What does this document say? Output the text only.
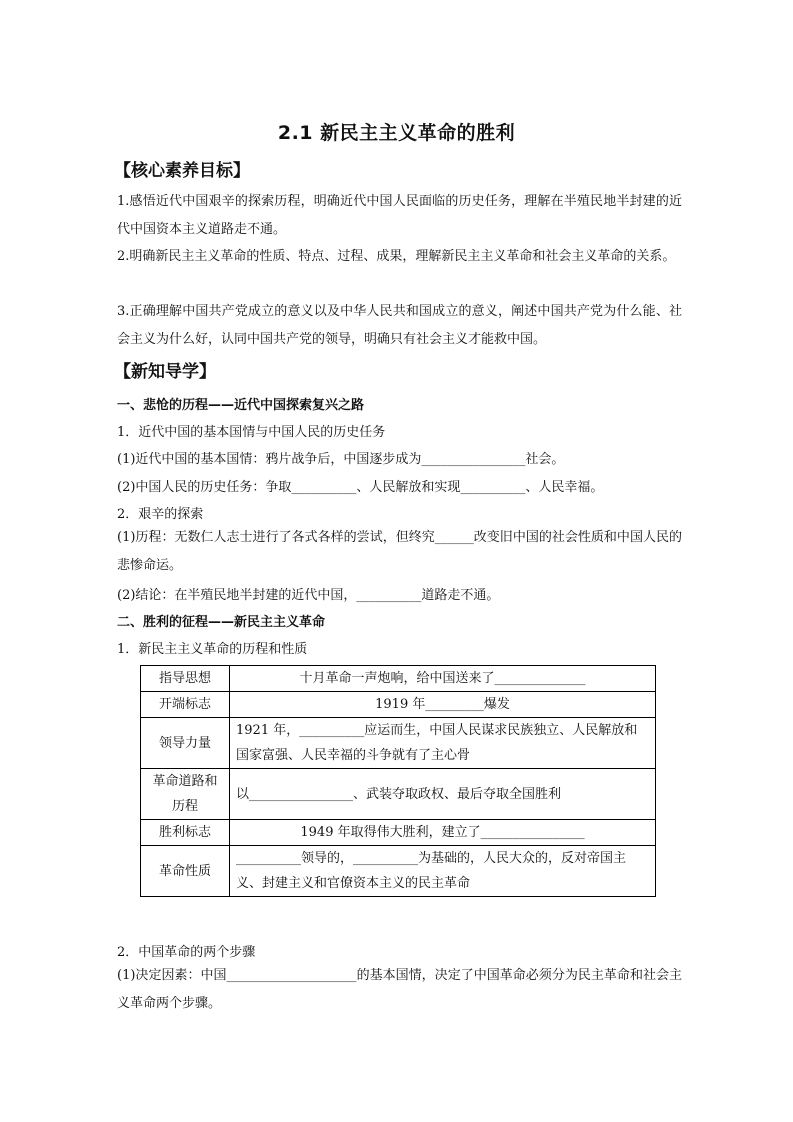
2.1 新民主主义革命的胜利
【核心素养目标】
1.感悟近代中国艰辛的探索历程，明确近代中国人民面临的历史任务，理解在半殖民地半封建的近代中国资本主义道路走不通。
2.明确新民主主义革命的性质、特点、过程、成果，理解新民主主义革命和社会主义革命的关系。
3.正确理解中国共产党成立的意义以及中华人民共和国成立的意义，阐述中国共产党为什么能、社会主义为什么好，认同中国共产党的领导，明确只有社会主义才能救中国。
【新知导学】
一、悲怆的历程——近代中国探索复兴之路
1．近代中国的基本国情与中国人民的历史任务
(1)近代中国的基本国情：鸦片战争后，中国逐步成为________________社会。
(2)中国人民的历史任务：争取__________、人民解放和实现__________、人民幸福。
2．艰辛的探索
(1)历程：无数仁人志士进行了各式各样的尝试，但终究______改变旧中国的社会性质和中国人民的悲惨命运。
(2)结论：在半殖民地半封建的近代中国，__________道路走不通。
二、胜利的征程——新民主主义革命
1．新民主主义革命的历程和性质
指导思想	十月革命一声炮响，给中国送来了______________
开端标志	1919 年_________爆发
领导力量	1921 年，__________应运而生，中国人民谋求民族独立、人民解放和国家富强、人民幸福的斗争就有了主心骨
革命道路和历程	以________________、武装夺取政权、最后夺取全国胜利
胜利标志	1949 年取得伟大胜利，建立了________________
革命性质	__________领导的，__________为基础的，人民大众的，反对帝国主义、封建主义和官僚资本主义的民主革命
2．中国革命的两个步骤
(1)决定因素：中国____________________的基本国情，决定了中国革命必须分为民主革命和社会主义革命两个步骤。
